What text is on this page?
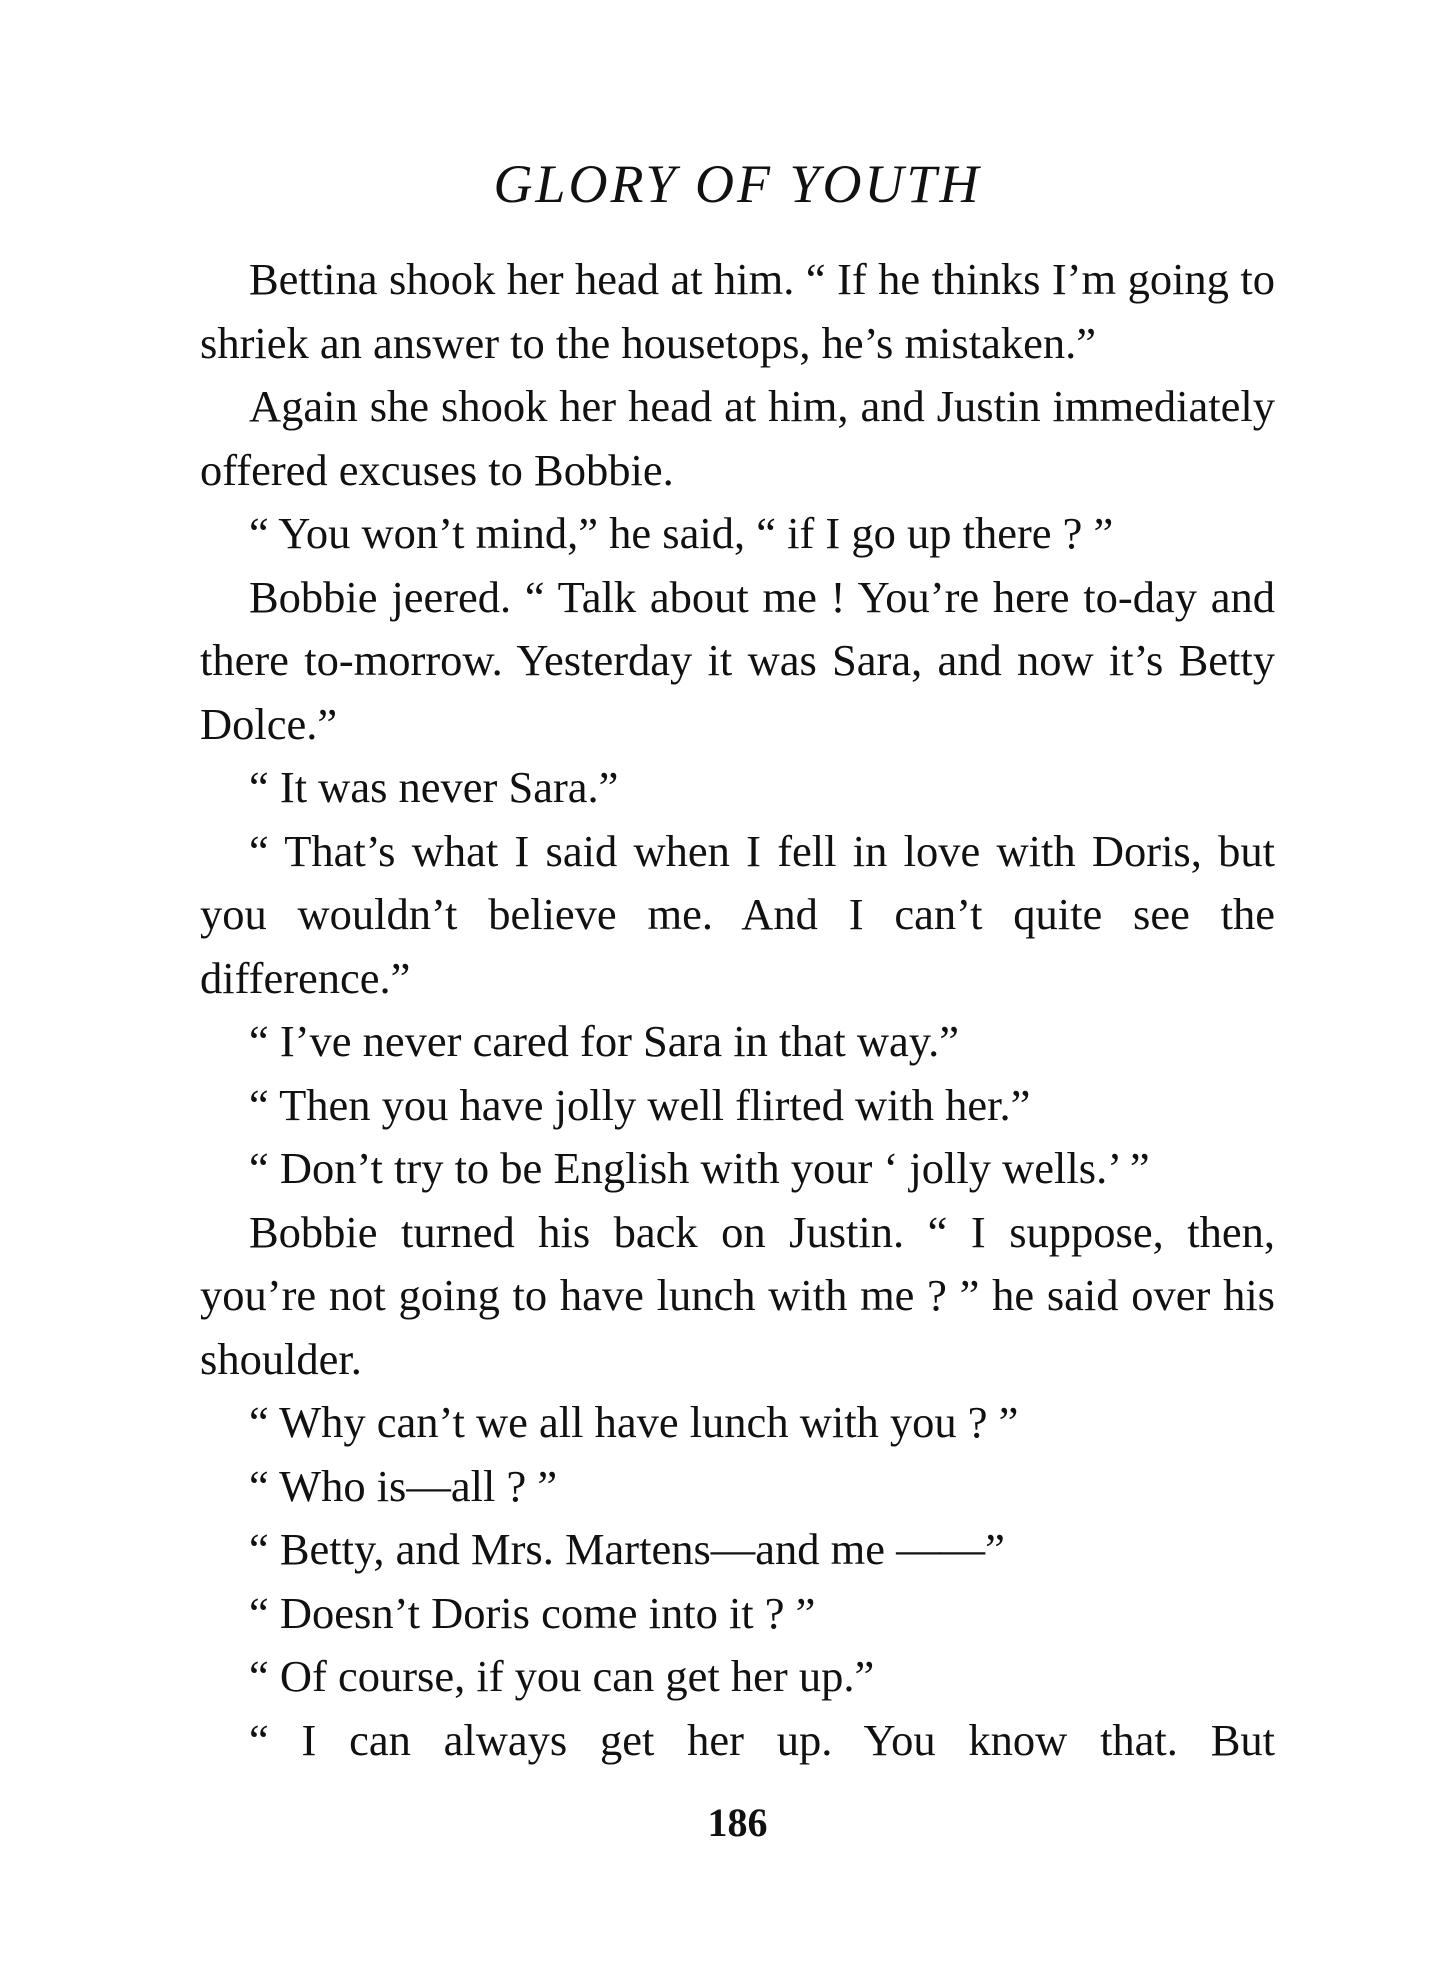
GLORY OF YOUTH

Bettina shook her head at him. “ If he thinks I’m going to shriek an answer to the housetops, he’s mistaken.”

Again she shook her head at him, and Justin immediately offered excuses to Bobbie.

“ You won’t mind,” he said, “ if I go up there ? ”

Bobbie jeered. “ Talk about me ! You’re here to-day and there to-morrow. Yesterday it was Sara, and now it’s Betty Dolce.”

“ It was never Sara.”

“ That’s what I said when I fell in love with Doris, but you wouldn’t believe me. And I can’t quite see the difference.”

“ I’ve never cared for Sara in that way.”

“ Then you have jolly well flirted with her.”

“ Don’t try to be English with your ‘ jolly wells.’ ”

Bobbie turned his back on Justin. “ I suppose, then, you’re not going to have lunch with me ? ” he said over his shoulder.

“ Why can’t we all have lunch with you ? ”

“ Who is—all ? ”

“ Betty, and Mrs. Martens—and me ——”

“ Doesn’t Doris come into it ? ”

“ Of course, if you can get her up.”

“ I can always get her up. You know that. But

186
